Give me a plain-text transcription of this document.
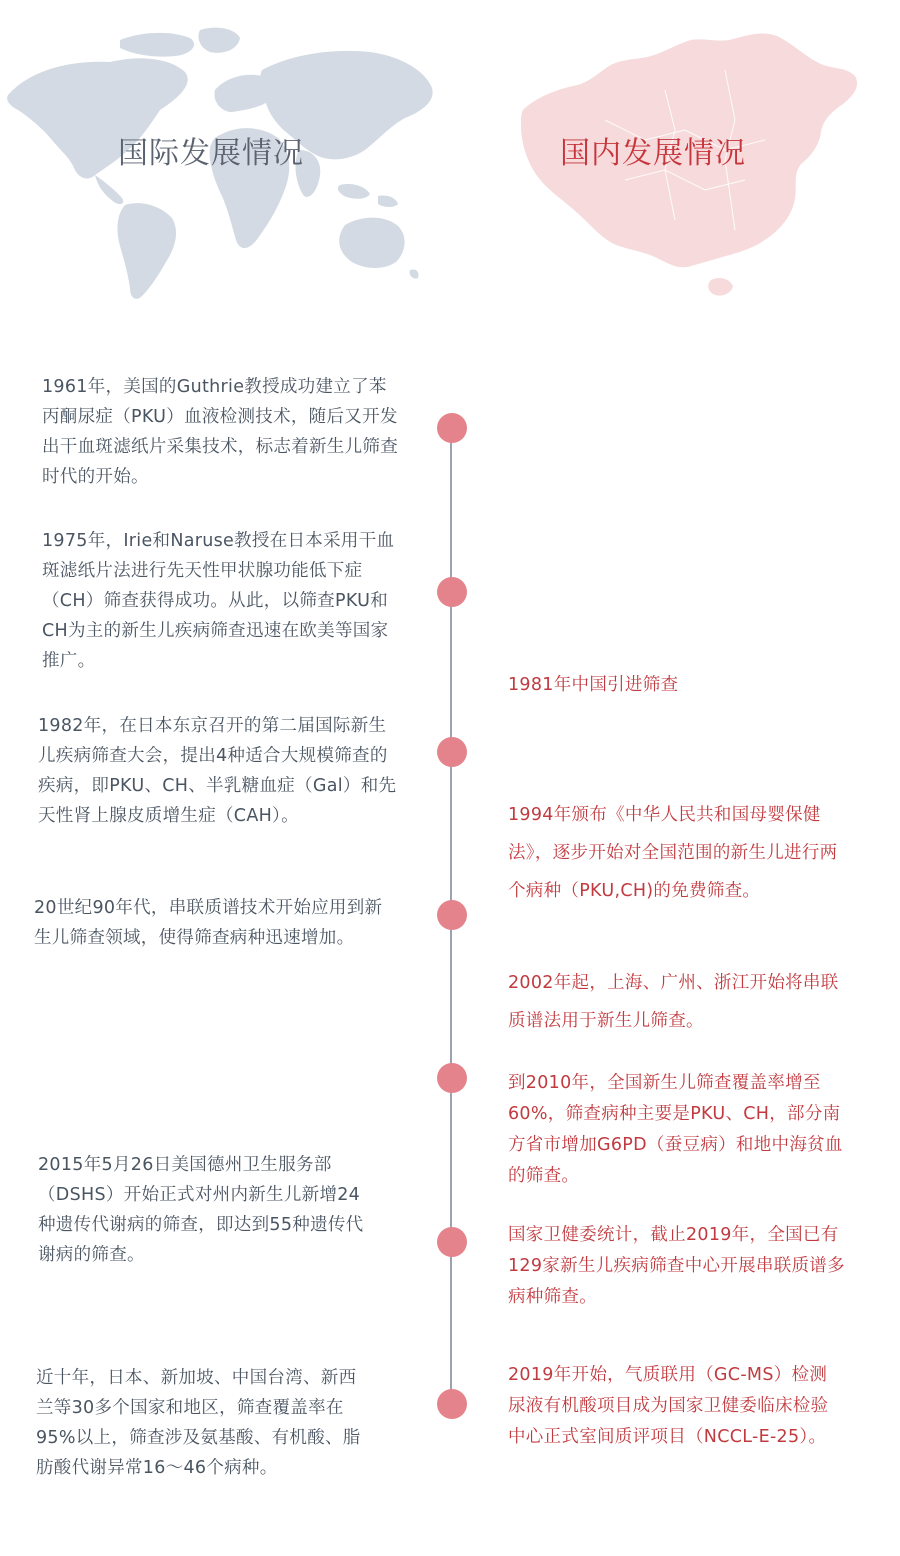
国际发展情况	国内发展情况

1961年，美国的Guthrie教授成功建立了苯丙酮尿症（PKU）血液检测技术，随后又开发出干血斑滤纸片采集技术，标志着新生儿筛查时代的开始。

1975年，Irie和Naruse教授在日本采用干血斑滤纸片法进行先天性甲状腺功能低下症（CH）筛查获得成功。从此，以筛查PKU和CH为主的新生儿疾病筛查迅速在欧美等国家推广。

1982年，在日本东京召开的第二届国际新生儿疾病筛查大会，提出4种适合大规模筛查的疾病，即PKU、CH、半乳糖血症（Gal）和先天性肾上腺皮质增生症（CAH）。

20世纪90年代，串联质谱技术开始应用到新生儿筛查领域，使得筛查病种迅速增加。

2015年5月26日美国德州卫生服务部（DSHS）开始正式对州内新生儿新增24种遗传代谢病的筛查，即达到55种遗传代谢病的筛查。

近十年，日本、新加坡、中国台湾、新西兰等30多个国家和地区，筛查覆盖率在95%以上，筛查涉及氨基酸、有机酸、脂肪酸代谢异常16～46个病种。

1981年中国引进筛查

1994年颁布《中华人民共和国母婴保健法》，逐步开始对全国范围的新生儿进行两个病种（PKU,CH)的免费筛查。

2002年起，上海、广州、浙江开始将串联质谱法用于新生儿筛查。

到2010年，全国新生儿筛查覆盖率增至60%，筛查病种主要是PKU、CH，部分南方省市增加G6PD（蚕豆病）和地中海贫血的筛查。

国家卫健委统计，截止2019年，全国已有129家新生儿疾病筛查中心开展串联质谱多病种筛查。

2019年开始，气质联用（GC-MS）检测尿液有机酸项目成为国家卫健委临床检验中心正式室间质评项目（NCCL-E-25）。
